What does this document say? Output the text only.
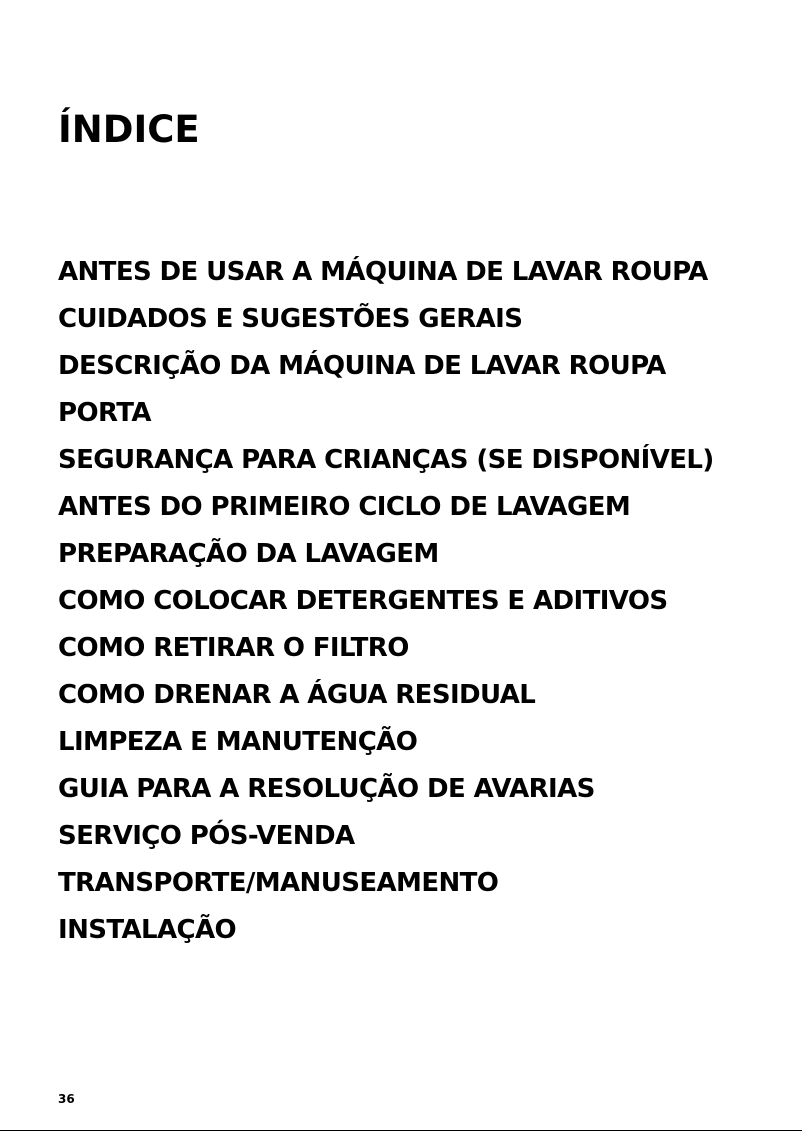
ÍNDICE
ANTES DE USAR A MÁQUINA DE LAVAR ROUPA
CUIDADOS E SUGESTÕES GERAIS
DESCRIÇÃO DA MÁQUINA DE LAVAR ROUPA
PORTA
SEGURANÇA PARA CRIANÇAS (SE DISPONÍVEL)
ANTES DO PRIMEIRO CICLO DE LAVAGEM
PREPARAÇÃO DA LAVAGEM
COMO COLOCAR DETERGENTES E ADITIVOS
COMO RETIRAR O FILTRO
COMO DRENAR A ÁGUA RESIDUAL
LIMPEZA E MANUTENÇÃO
GUIA PARA A RESOLUÇÃO DE AVARIAS
SERVIÇO PÓS-VENDA
TRANSPORTE/MANUSEAMENTO
INSTALAÇÃO
36
